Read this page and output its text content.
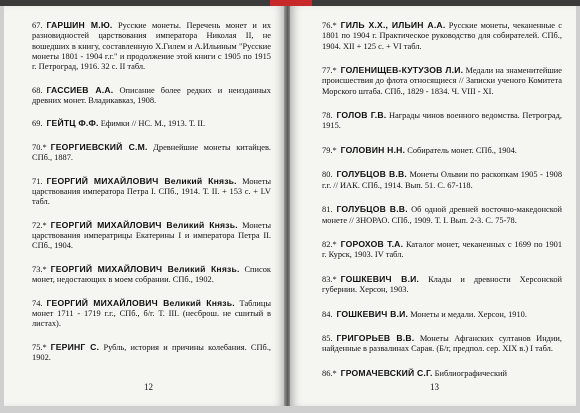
67. ГАРШИН М.Ю. Русские монеты. Перечень монет и их разновидностей царствования императора Николая II, не вошедших в книгу, составленную Х.Гилем и А.Ильиным "Русские монеты 1801 - 1904 г.г." и продолжение этой книги с 1905 по 1915 г. Петроград, 1916. 32 с. II табл.

68. ГАССИЕВ А.А. Описание более редких и неизданных древних монет. Владикавказ, 1908.

69. ГЕЙТЦ Ф.Ф. Ефимки // НС. М., 1913. Т. II.

70.* ГЕОРГИЕВСКИЙ С.М. Древнейшие монеты китайцев. СПб., 1887.

71. ГЕОРГИЙ МИХАЙЛОВИЧ Великий Князь. Монеты царствования императора Петра I. СПб., 1914. Т. II. + 153 с. + LV табл.

72.* ГЕОРГИЙ МИХАЙЛОВИЧ Великий Князь. Монеты царствования императрицы Екатерины I и императора Петра II. СПб., 1904.

73.* ГЕОРГИЙ МИХАЙЛОВИЧ Великий Князь. Список монет, недостающих в моем собрании. СПб., 1902.

74. ГЕОРГИЙ МИХАЙЛОВИЧ Великий Князь. Таблицы монет 1711 - 1719 г.г., СПб., б/г. Т. III. (несброш. не сшитый в листах).

75.* ГЕРИНГ С. Рубль, история и причины колебания. СПб., 1902.

12

76.* ГИЛЬ Х.Х., ИЛЬИН А.А. Русские монеты, чеканенные с 1801 по 1904 г. Практическое руководство для собирателей. СПб., 1904. XII + 125 с. + VI табл.

77.* ГОЛЕНИЩЕВ-КУТУЗОВ Л.И. Медали на знаменитейшие происшествия до флота относящиеся // Записки ученого Комитета Морского штаба. СПб., 1829 - 1834. Ч. VIII - XI.

78. ГОЛОВ Г.В. Награды чинов военного ведомства. Петроград, 1915.

79.* ГОЛОВИН Н.Н. Собиратель монет. СПб., 1904.

80. ГОЛУБЦОВ В.В. Монеты Ольвии по раскопкам 1905 - 1908 г.г. // ИАК. СПб., 1914. Вып. 51. С. 67-118.

81. ГОЛУБЦОВ В.В. Об одной древней восточно-македонской монете // ЗНОРАО. СПб., 1909. Т. I. Вып. 2-3. С. 75-78.

82.* ГОРОХОВ Т.А. Каталог монет, чеканенных с 1699 по 1901 г. Курск, 1903. IV табл.

83.* ГОШКЕВИЧ В.И. Клады и древности Херсонской губернии. Херсон, 1903.

84. ГОШКЕВИЧ В.И. Монеты и медали. Херсон, 1910.

85. ГРИГОРЬЕВ В.В. Монеты Афганских султанов Индии, найденные в развалинах Сарая. (Б/г, предпол. сер. XIX в.) I табл.

86.* ГРОМАЧЕВСКИЙ С.Г. Библиографический

13
